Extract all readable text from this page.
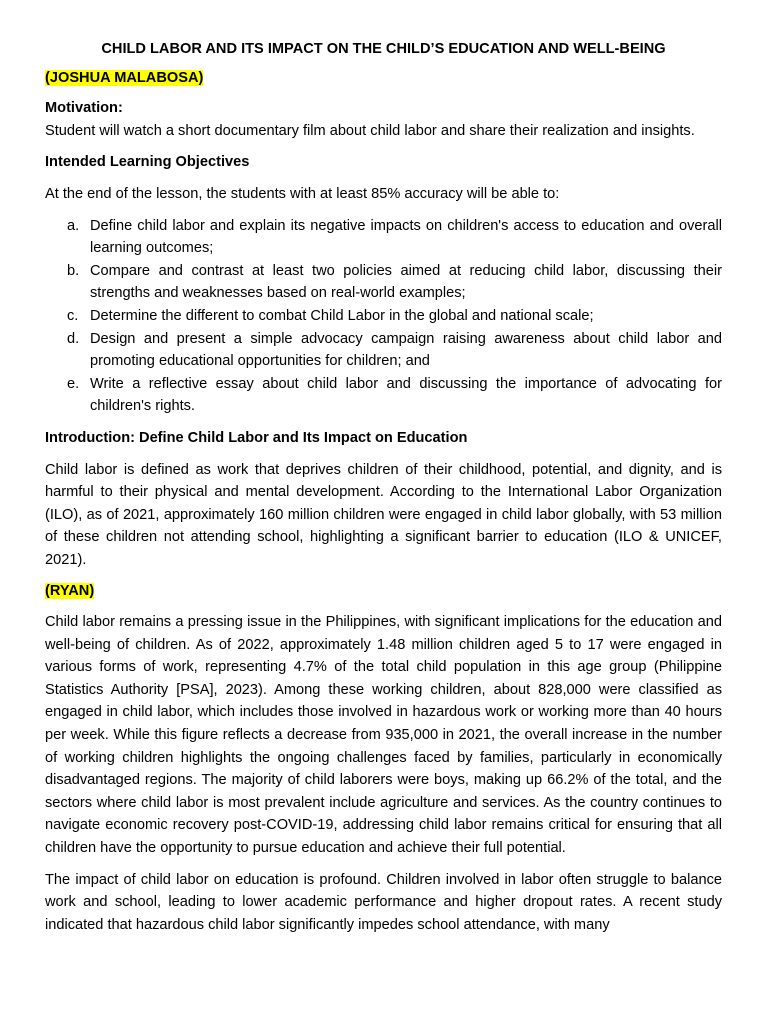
CHILD LABOR AND ITS IMPACT ON THE CHILD’S EDUCATION AND WELL-BEING

(JOSHUA MALABOSA)

Motivation:

Student will watch a short documentary film about child labor and share their realization and insights.

Intended Learning Objectives

At the end of the lesson, the students with at least 85% accuracy will be able to:

a. Define child labor and explain its negative impacts on children's access to education and overall learning outcomes;
b. Compare and contrast at least two policies aimed at reducing child labor, discussing their strengths and weaknesses based on real-world examples;
c. Determine the different to combat Child Labor in the global and national scale;
d. Design and present a simple advocacy campaign raising awareness about child labor and promoting educational opportunities for children; and
e. Write a reflective essay about child labor and discussing the importance of advocating for children's rights.

Introduction: Define Child Labor and Its Impact on Education

Child labor is defined as work that deprives children of their childhood, potential, and dignity, and is harmful to their physical and mental development. According to the International Labor Organization (ILO), as of 2021, approximately 160 million children were engaged in child labor globally, with 53 million of these children not attending school, highlighting a significant barrier to education (ILO & UNICEF, 2021).

(RYAN)

Child labor remains a pressing issue in the Philippines, with significant implications for the education and well-being of children. As of 2022, approximately 1.48 million children aged 5 to 17 were engaged in various forms of work, representing 4.7% of the total child population in this age group (Philippine Statistics Authority [PSA], 2023). Among these working children, about 828,000 were classified as engaged in child labor, which includes those involved in hazardous work or working more than 40 hours per week. While this figure reflects a decrease from 935,000 in 2021, the overall increase in the number of working children highlights the ongoing challenges faced by families, particularly in economically disadvantaged regions. The majority of child laborers were boys, making up 66.2% of the total, and the sectors where child labor is most prevalent include agriculture and services. As the country continues to navigate economic recovery post-COVID-19, addressing child labor remains critical for ensuring that all children have the opportunity to pursue education and achieve their full potential.

The impact of child labor on education is profound. Children involved in labor often struggle to balance work and school, leading to lower academic performance and higher dropout rates. A recent study indicated that hazardous child labor significantly impedes school attendance, with many
